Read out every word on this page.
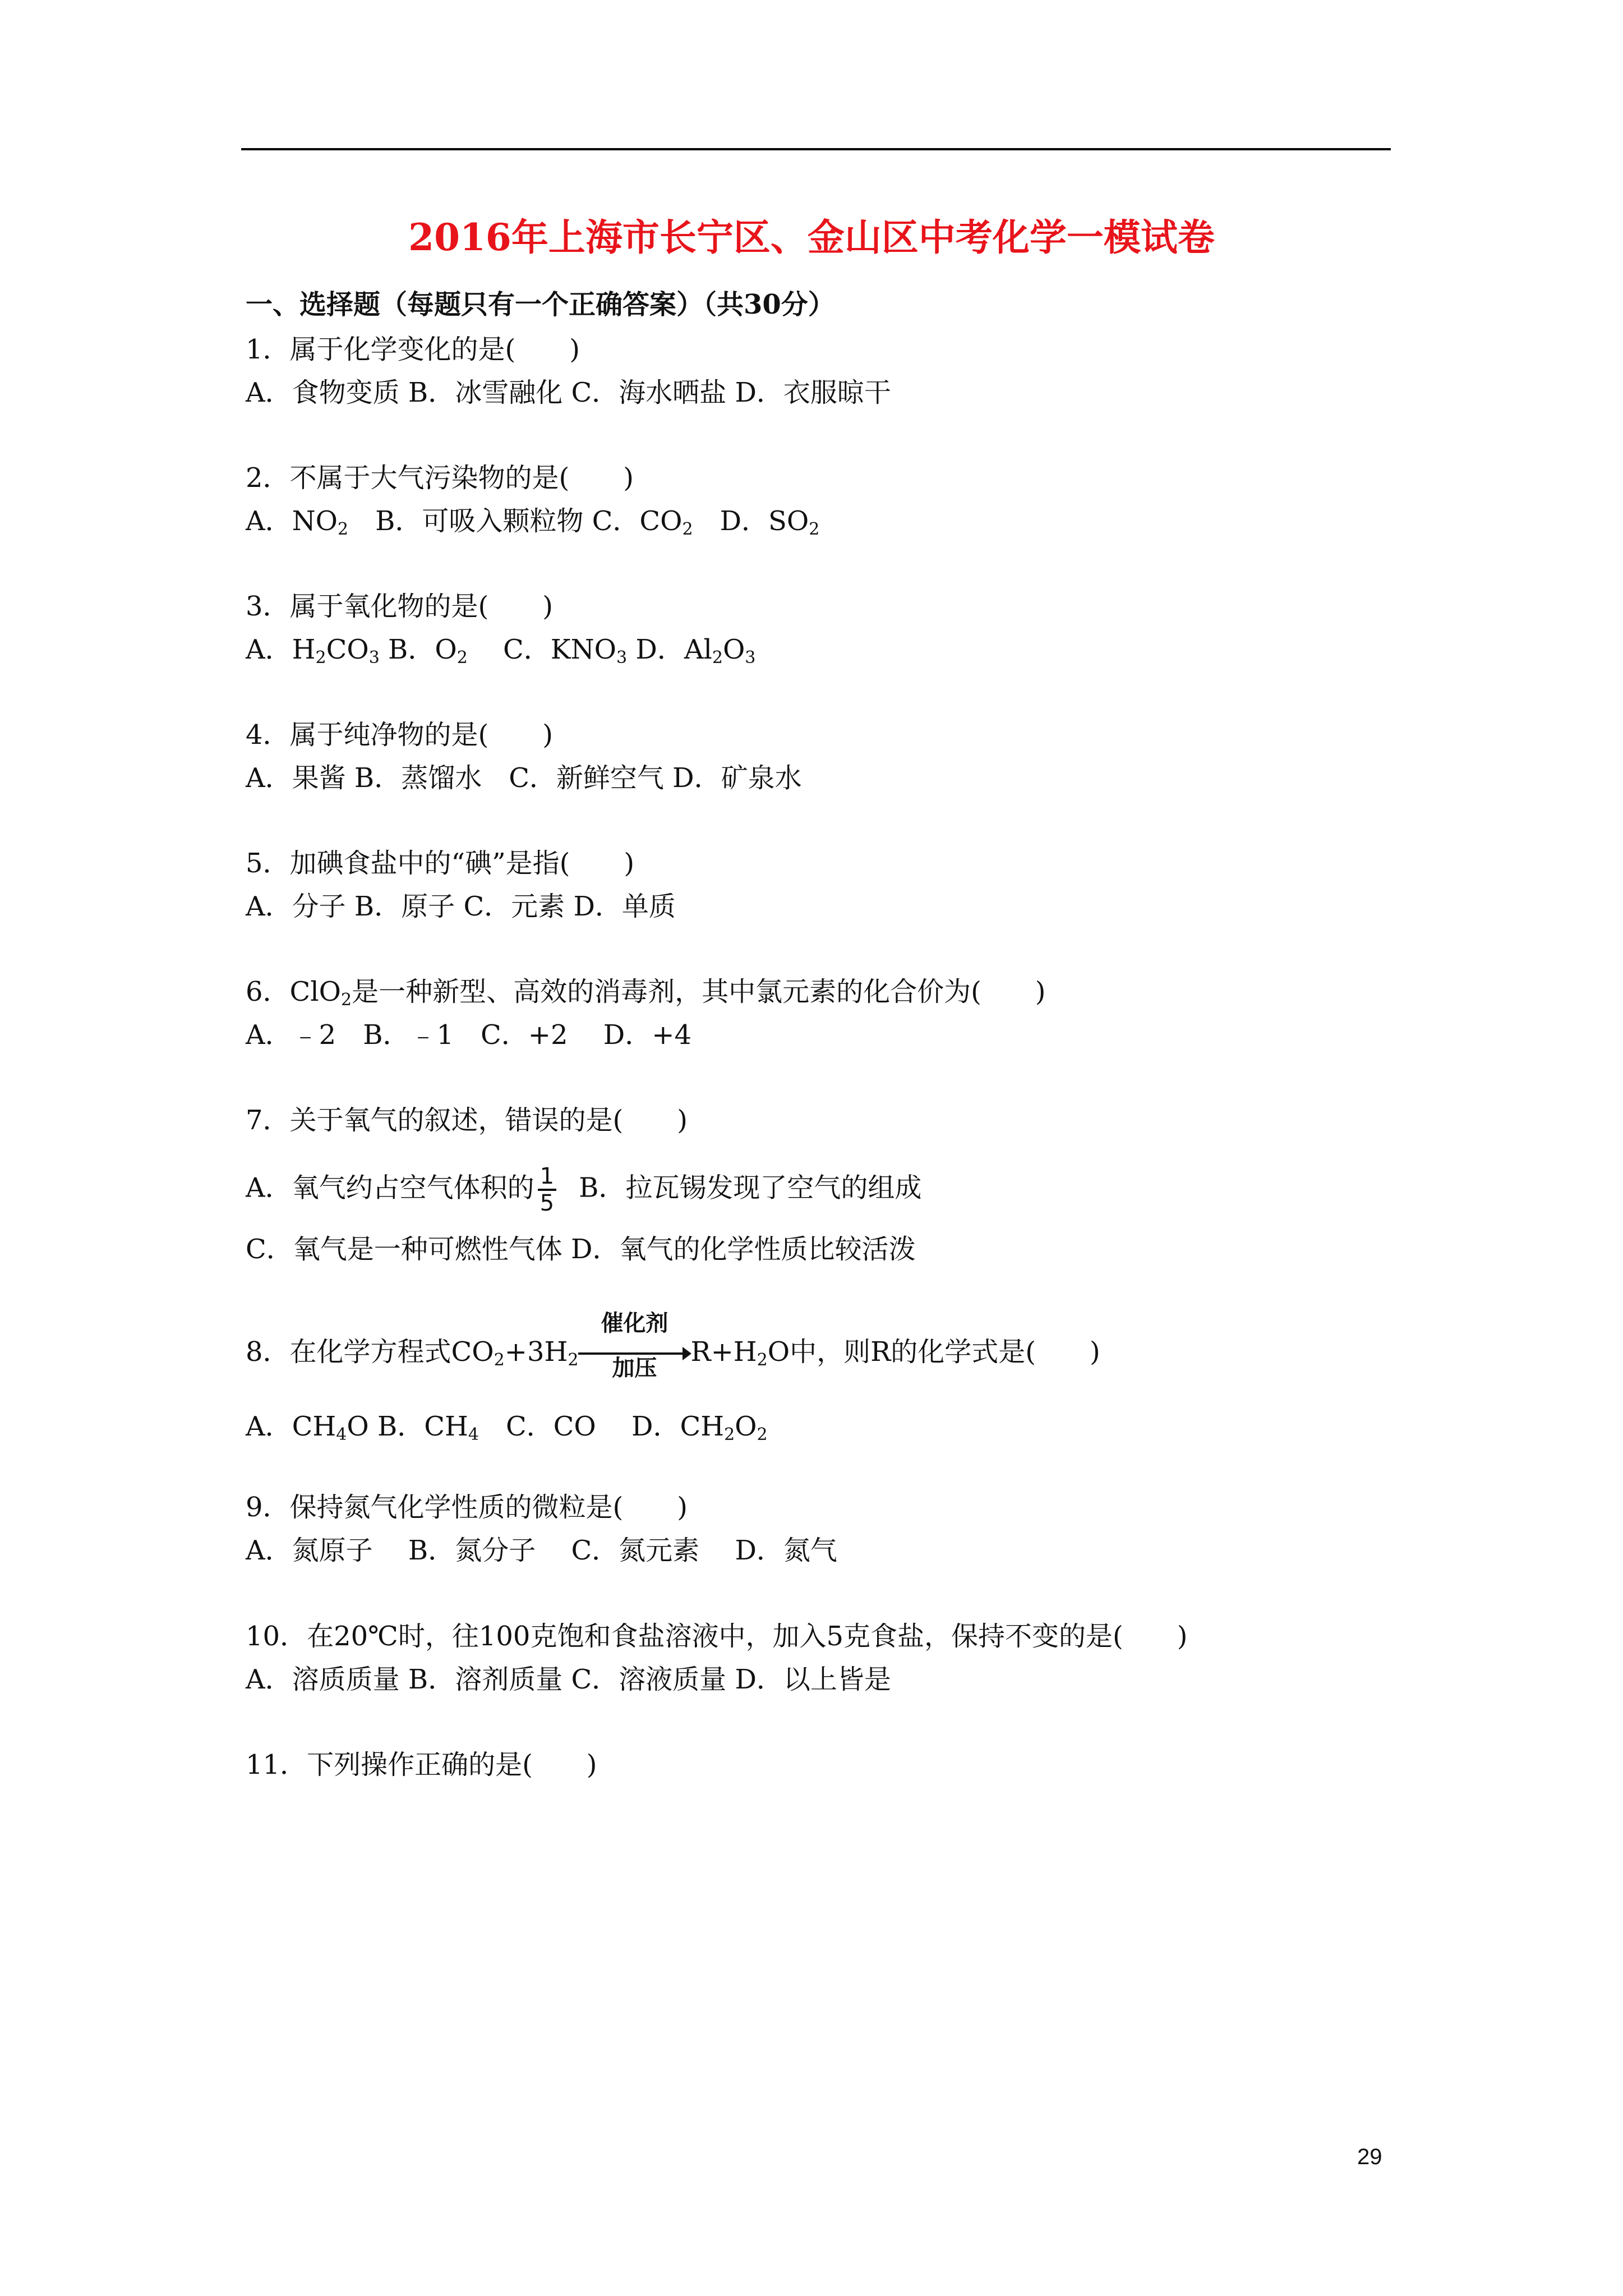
2016年上海市长宁区、金山区中考化学一模试卷
一、选择题（每题只有一个正确答案）（共30分）
1．属于化学变化的是(　　)
A．食物变质 B．冰雪融化 C．海水晒盐 D．衣服晾干
2．不属于大气污染物的是(　　)
A．$NO_2$　B．可吸入颗粒物 C．$CO_2$　D．$SO_2$
3．属于氧化物的是(　　)
A．$H_2CO_3$ B．$O_2$　 C．$KNO_3$ D．$Al_2O_3$
4．属于纯净物的是(　　)
A．果酱 B．蒸馏水　C．新鲜空气 D．矿泉水
5．加碘食盐中的“碘”是指(　　)
A．分子 B．原子 C．元素 D．单质
6．ClO$_2$是一种新型、高效的消毒剂，其中氯元素的化合价为(　　)
A．﹣2　B．﹣1　C．+2　 D．+4
7．关于氧气的叙述，错误的是(　　)
A．氧气约占空气体积的 $\frac{1}{5}$ B．拉瓦锡发现了空气的组成
C．氧气是一种可燃性气体 D．氧气的化学性质比较活泼
8．在化学方程式$CO_2+3H_2$
催化剂
加压
$R+H_2O$中，则R的化学式是(　　)
A．$CH_4O$ B．$CH_4$　C．CO　 D．$CH_2O_2$
9．保持氮气化学性质的微粒是(　　)
A．氮原子　 B．氮分子　 C．氮元素　 D．氮气
10．在20℃时，往100克饱和食盐溶液中，加入5克食盐，保持不变的是(　　)
A．溶质质量 B．溶剂质量 C．溶液质量 D．以上皆是
11．下列操作正确的是(　　)
29
